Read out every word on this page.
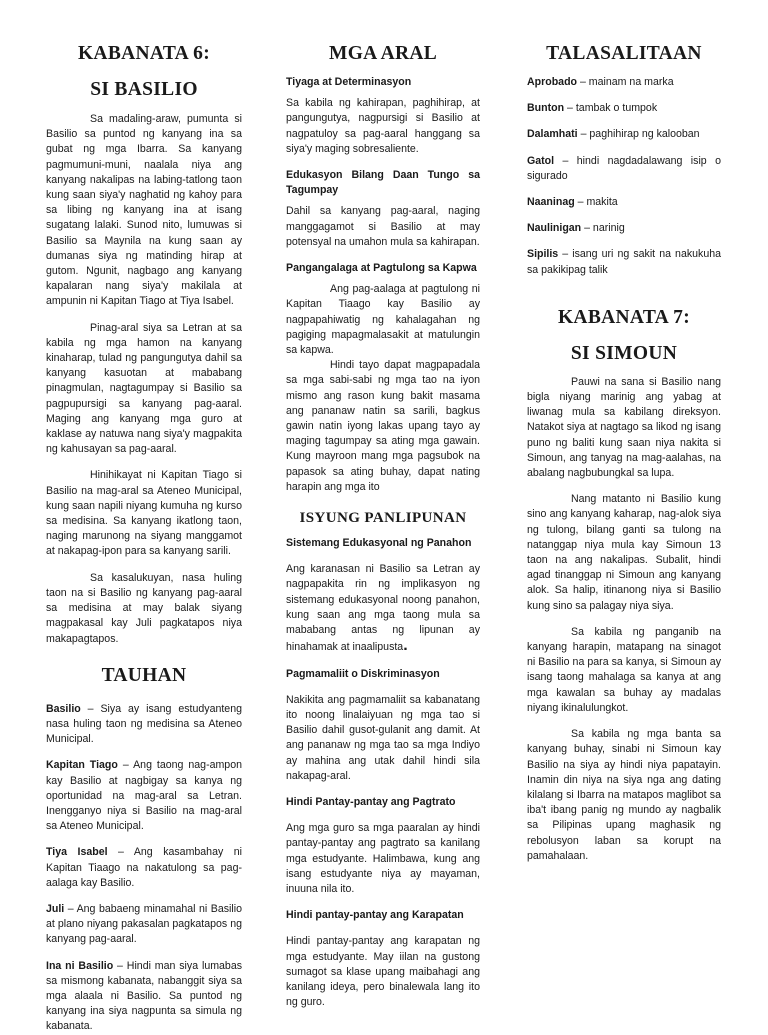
KABANATA 6:
SI BASILIO

Sa madaling-araw, pumunta si Basilio sa puntod ng kanyang ina sa gubat ng mga Ibarra. Sa kanyang pagmumuni-muni, naalala niya ang kanyang nakalipas na labing-tatlong taon kung saan siya'y naghatid ng kahoy para sa libing ng kanyang ina at isang sugatang lalaki. Sunod nito, lumuwas si Basilio sa Maynila na kung saan ay dumanas siya ng matinding hirap at gutom. Ngunit, nagbago ang kanyang kapalaran nang siya'y makilala at ampunin ni Kapitan Tiago at Tiya Isabel.

Pinag-aral siya sa Letran at sa kabila ng mga hamon na kanyang kinaharap, tulad ng pangungutya dahil sa kanyang kasuotan at mababang pinagmulan, nagtagumpay si Basilio sa pagpupursigi sa kanyang pag-aaral. Maging ang kanyang mga guro at kaklase ay natuwa nang siya'y magpakita ng kahusayan sa pag-aaral.

Hinihikayat ni Kapitan Tiago si Basilio na mag-aral sa Ateneo Municipal, kung saan napili niyang kumuha ng kurso sa medisina. Sa kanyang ikatlong taon, naging marunong na siyang manggamot at nakapag-ipon para sa kanyang sarili.

Sa kasalukuyan, nasa huling taon na si Basilio ng kanyang pag-aaral sa medisina at may balak siyang magpakasal kay Juli pagkatapos niya makapagtapos.

TAUHAN

Basilio – Siya ay isang estudyanteng nasa huling taon ng medisina sa Ateneo Municipal.

Kapitan Tiago – Ang taong nag-ampon kay Basilio at nagbigay sa kanya ng oportunidad na mag-aral sa Letran. Inengganyo niya si Basilio na mag-aral sa Ateneo Municipal.

Tiya Isabel – Ang kasambahay ni Kapitan Tiaago na nakatulong sa pag-aalaga kay Basilio.

Juli – Ang babaeng minamahal ni Basilio at plano niyang pakasalan pagkatapos ng kanyang pag-aaral.

Ina ni Basilio – Hindi man siya lumabas sa mismong kabanata, nabanggit siya sa mga alaala ni Basilio. Sa puntod ng kanyang ina siya nagpunta sa simula ng kabanata.

MGA ARAL
Tiyaga at Determinasyon

Sa kabila ng kahirapan, paghihirap, at pangungutya, nagpursigi si Basilio at nagpatuloy sa pag-aaral hanggang sa siya'y maging sobresaliente.

Edukasyon Bilang Daan Tungo sa Tagumpay

Dahil sa kanyang pag-aaral, naging manggagamot si Basilio at may potensyal na umahon mula sa kahirapan.

Pangangalaga at Pagtulong sa Kapwa

Ang pag-aalaga at pagtulong ni Kapitan Tiaago kay Basilio ay nagpapahiwatig ng kahalagahan ng pagiging mapagmalasakit at matulungin sa kapwa.

Hindi tayo dapat magpapadala sa mga sabi-sabi ng mga tao na iyon mismo ang rason kung bakit masama ang pananaw natin sa sarili, bagkus gawin natin iyong lakas upang tayo ay maging tagumpay sa ating mga gawain. Kung mayroon mang mga pagsubok na papasok sa ating buhay, dapat nating harapin ang mga ito

ISYUNG PANLIPUNAN
Sistemang Edukasyonal ng Panahon

Ang karanasan ni Basilio sa Letran ay nagpapakita rin ng implikasyon ng sistemang edukasyonal noong panahon, kung saan ang mga taong mula sa mababang antas ng lipunan ay hinahamak at inaalipusta.

Pagmamaliit o Diskriminasyon

Nakikita ang pagmamaliit sa kabanatang ito noong linalaiyuan ng mga tao si Basilio dahil gusot-gulanit ang damit. At ang pananaw ng mga tao sa mga Indiyo ay mahina ang utak dahil hindi sila nakapag-aral.

Hindi Pantay-pantay ang Pagtrato

Ang mga guro sa mga paaralan ay hindi pantay-pantay ang pagtrato sa kanilang mga estudyante. Halimbawa, kung ang isang estudyante niya ay mayaman, inuuna nila ito.

Hindi pantay-pantay ang Karapatan

Hindi pantay-pantay ang karapatan ng mga estudyante. May iilan na gustong sumagot sa klase upang maibahagi ang kanilang ideya, pero binalewala lang ito ng guro.

TALASALITAAN

Aprobado – mainam na marka

Bunton – tambak o tumpok

Dalamhati – paghihirap ng kalooban

Gatol – hindi nagdadalawang isip o sigurado

Naaninag – makita

Naulinigan – narinig

Sipilis – isang uri ng sakit na nakukuha sa pakikipag talik

KABANATA 7:
SI SIMOUN

Pauwi na sana si Basilio nang bigla niyang marinig ang yabag at liwanag mula sa kabilang direksyon. Natakot siya at nagtago sa likod ng isang puno ng baliti kung saan niya nakita si Simoun, ang tanyag na mag-aalahas, na abalang nagbubungkal sa lupa.

Nang matanto ni Basilio kung sino ang kanyang kaharap, nag-alok siya ng tulong, bilang ganti sa tulong na natanggap niya mula kay Simoun 13 taon na ang nakalipas. Subalit, hindi agad tinanggap ni Simoun ang kanyang alok. Sa halip, itinanong niya si Basilio kung sino sa palagay niya siya.

Sa kabila ng panganib na kanyang harapin, matapang na sinagot ni Basilio na para sa kanya, si Simoun ay isang taong mahalaga sa kanya at ang mga kawalan sa buhay ay madalas niyang ikinalulungkot.

Sa kabila ng mga banta sa kanyang buhay, sinabi ni Simoun kay Basilio na siya ay hindi niya papatayin. Inamin din niya na siya nga ang dating kilalang si Ibarra na matapos maglibot sa iba't ibang panig ng mundo ay nagbalik sa Pilipinas upang maghasik ng rebolusyon laban sa korupt na pamahalaan.
